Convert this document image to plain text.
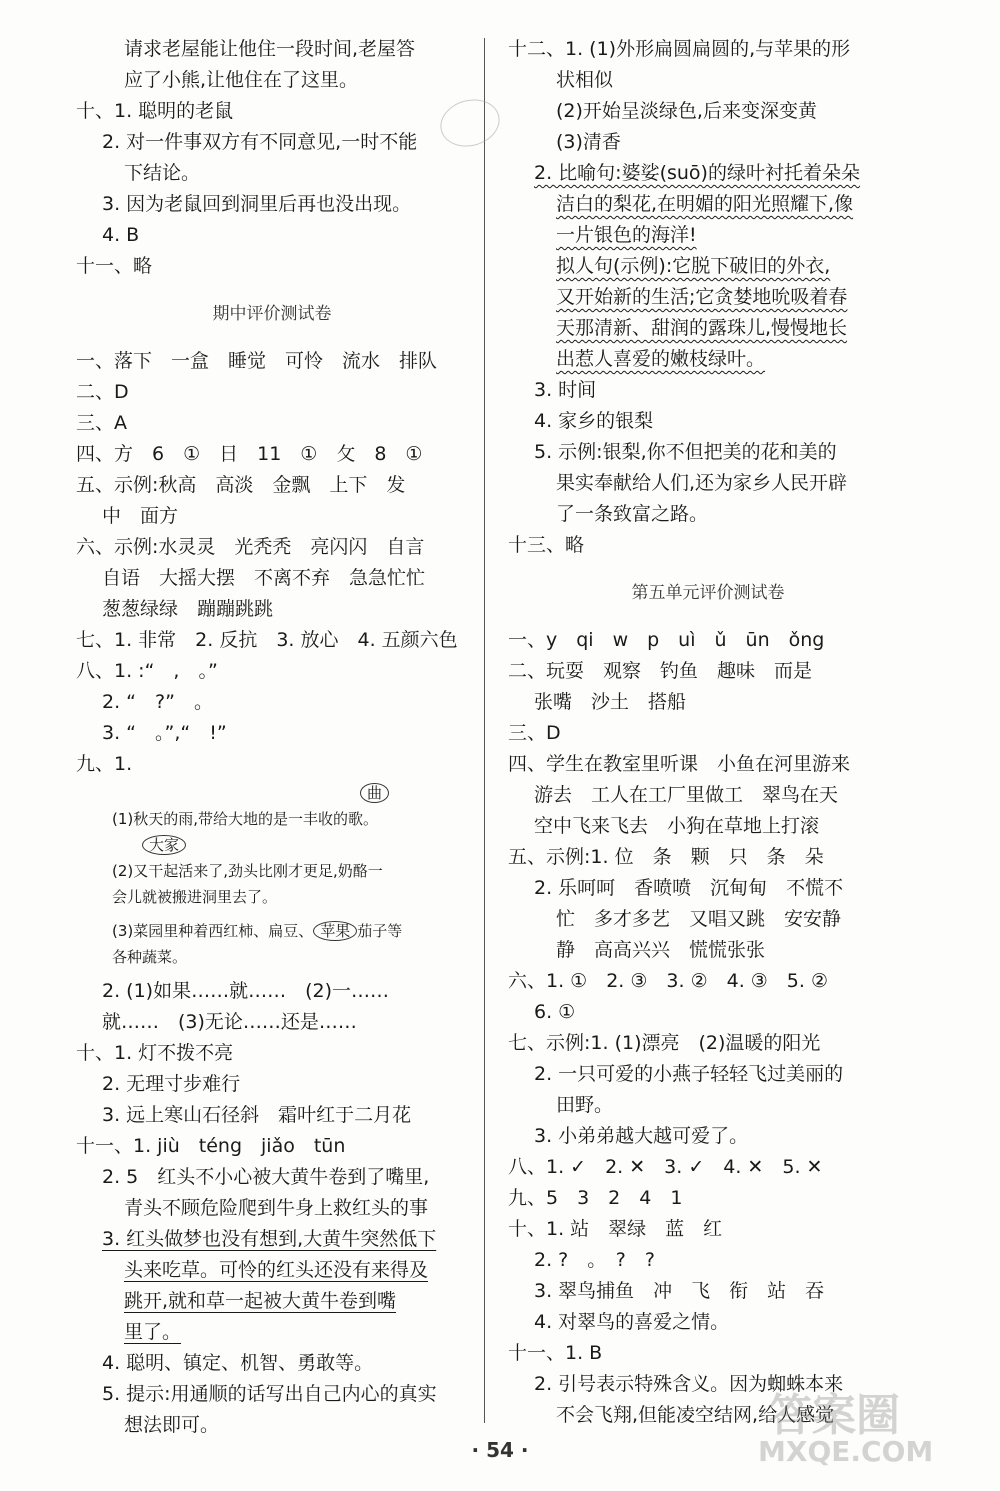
请求老屋能让他住一段时间,老屋答
应了小熊,让他住在了这里。
十、1. 聪明的老鼠
2. 对一件事双方有不同意见,一时不能
下结论。
3. 因为老鼠回到洞里后再也没出现。
4. B
十一、略
期中评价测试卷
一、落下　一盒　睡觉　可怜　流水　排队
二、D
三、A
四、方　6　①　日　11　①　攵　8　①
五、示例:秋高　高淡　金飘　上下　发
中　面方
六、示例:水灵灵　光秃秃　亮闪闪　自言
自语　大摇大摆　不离不弃　急急忙忙
葱葱绿绿　蹦蹦跳跳
七、1. 非常　2. 反抗　3. 放心　4. 五颜六色
八、1. :“　,　。”
2. “　?”　。
3. “　。”,“　!”
九、1.
曲
(1)秋天的雨,带给大地的是一丰收的歌。
大家
(2)又干起活来了,劲头比刚才更足,奶酪一
会儿就被搬进洞里去了。
(3)菜园里种着西红柿、扁豆、 苹果 茄子等
各种蔬菜。
2. (1)如果……就……　(2)一……
就……　(3)无论……还是……
十、1. 灯不拨不亮
2. 无理寸步难行
3. 远上寒山石径斜　霜叶红于二月花
十一、1. jiù　téng　jiǎo　tūn
2. 5　红头不小心被大黄牛卷到了嘴里,
青头不顾危险爬到牛身上救红头的事
3. 红头做梦也没有想到,大黄牛突然低下
头来吃草。可怜的红头还没有来得及
跳开,就和草一起被大黄牛卷到嘴
里了。
4. 聪明、镇定、机智、勇敢等。
5. 提示:用通顺的话写出自己内心的真实
想法即可。
十二、1. (1)外形扁圆扁圆的,与苹果的形
状相似
(2)开始呈淡绿色,后来变深变黄
(3)清香
2. 比喻句:婆娑(suō)的绿叶衬托着朵朵
洁白的梨花,在明媚的阳光照耀下,像
一片银色的海洋!
拟人句(示例):它脱下破旧的外衣,
又开始新的生活;它贪婪地吮吸着春
天那清新、甜润的露珠儿,慢慢地长
出惹人喜爱的嫩枝绿叶。
3. 时间
4. 家乡的银梨
5. 示例:银梨,你不但把美的花和美的
果实奉献给人们,还为家乡人民开辟
了一条致富之路。
十三、略
第五单元评价测试卷
一、y　qi　w　p　uì　ǔ　ūn　ǒng
二、玩耍　观察　钓鱼　趣味　而是
张嘴　沙土　搭船
三、D
四、学生在教室里听课　小鱼在河里游来
游去　工人在工厂里做工　翠鸟在天
空中飞来飞去　小狗在草地上打滚
五、示例:1. 位　条　颗　只　条　朵
2. 乐呵呵　香喷喷　沉甸甸　不慌不
忙　多才多艺　又唱又跳　安安静
静　高高兴兴　慌慌张张
六、1. ①　2. ③　3. ②　4. ③　5. ②
6. ①
七、示例:1. (1)漂亮　(2)温暖的阳光
2. 一只可爱的小燕子轻轻飞过美丽的
田野。
3. 小弟弟越大越可爱了。
八、1. ✓　2. ✕　3. ✓　4. ✕　5. ✕
九、5　3　2　4　1
十、1. 站　翠绿　蓝　红
2. ?　。　?　?
3. 翠鸟捕鱼　冲　飞　衔　站　吞
4. 对翠鸟的喜爱之情。
十一、1. B
2. 引号表示特殊含义。因为蜘蛛本来
不会飞翔,但能凌空结网,给人感觉
· 54 ·
答案圈
MXQE.COM
